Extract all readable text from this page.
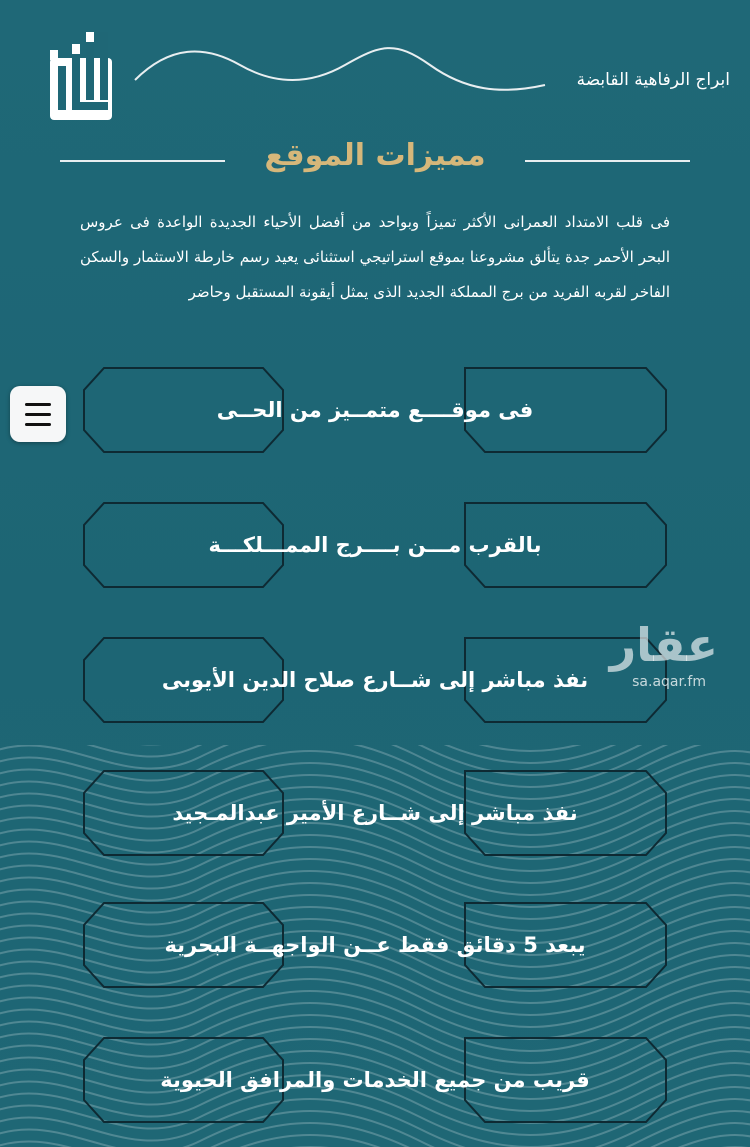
ابراج الرفاهية القابضة
مميزات الموقع
فى قلب الامتداد العمرانى الأكثر تميزاً وبواحد من أفضل الأحياء الجديدة الواعدة فى عروس البحر الأحمر جدة يتألق مشروعنا بموقع استراتيجي استثنائى يعيد رسم خارطة الاستثمار والسكن الفاخر لقربه الفريد من برج المملكة الجديد الذى يمثل أيقونة المستقبل وحاضر
فى موقــــع متمــيز من الحــى
بالقرب مـــن بــــرج الممـــلكـــة
نفذ مباشر إلى شــارع صلاح الدين الأيوبى
نفذ مباشر إلى شــارع الأمير عبدالمـجيد
يبعد 5 دقائق فقط عــن الواجهــة البحرية
قريب من جميع الخدمات والمرافق الحيوية
عقار
sa.aqar.fm
